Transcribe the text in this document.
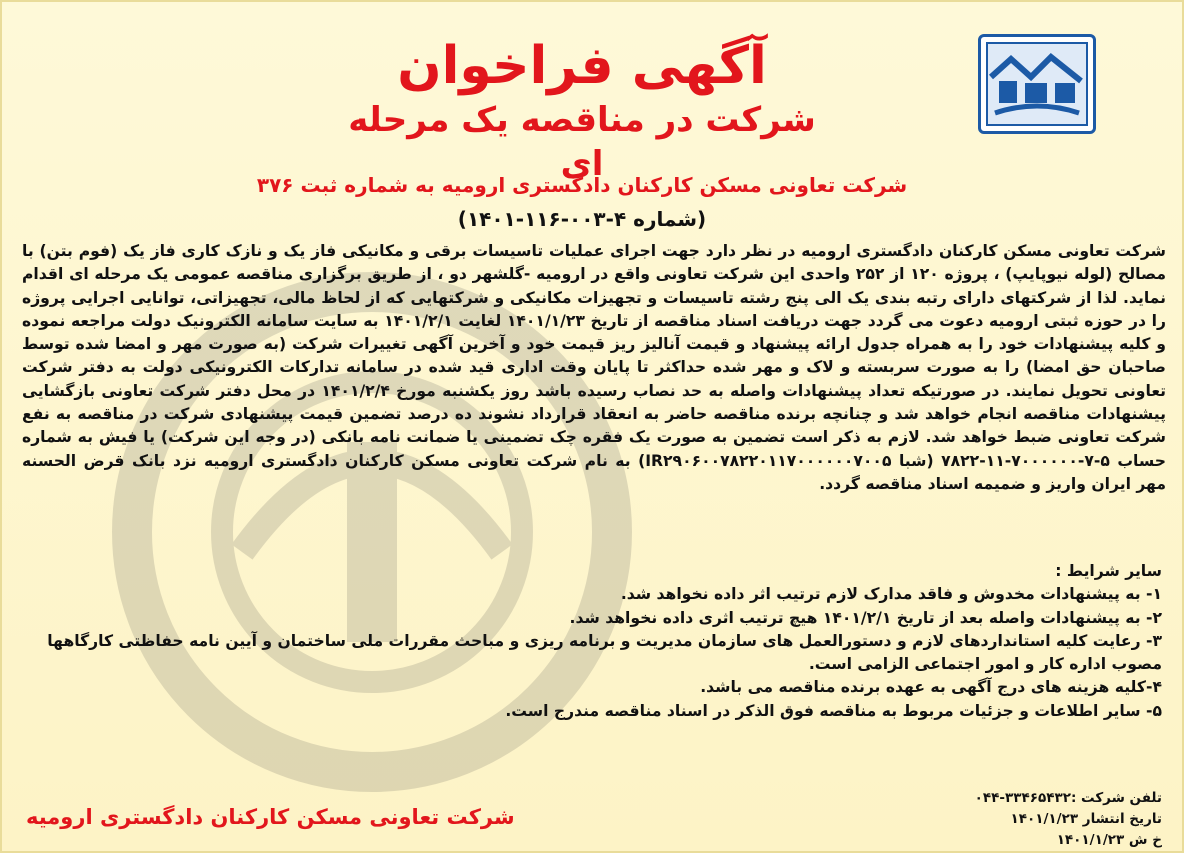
آگهی فراخوان
شرکت در مناقصه یک مرحله ای
شرکت تعاونی مسکن کارکنان دادگستری ارومیه به شماره ثبت ۳۷۶
(شماره ۴-۰۰۳-۱۱۶-۱۴۰۱)

شرکت تعاونی مسکن کارکنان دادگستری ارومیه در نظر دارد جهت اجرای عملیات تاسیسات برقی و مکانیکی فاز یک و نازک کاری فاز یک (فوم بتن) با مصالح (لوله نیوپایپ) ، پروژه ۱۲۰ از ۲۵۲ واحدی این شرکت تعاونی واقع در ارومیه -گلشهر دو ، از طریق برگزاری مناقصه عمومی یک مرحله ای اقدام نماید. لذا از شرکتهای دارای رتبه بندی یک الی پنج رشته تاسیسات و تجهیزات مکانیکی و شرکتهایی که از لحاظ مالی، تجهیزاتی، توانایی اجرایی پروژه را در حوزه ثبتی ارومیه دعوت می گردد جهت دریافت اسناد مناقصه از تاریخ ۱۴۰۱/۱/۲۳ لغایت ۱۴۰۱/۲/۱ به سایت سامانه الکترونیک دولت مراجعه نموده و کلیه پیشنهادات خود را به همراه جدول ارائه پیشنهاد و قیمت آنالیز ریز قیمت خود و آخرین آگهی تغییرات شرکت (به صورت مهر و امضا شده توسط صاحبان حق امضا) را به صورت سربسته و لاک و مهر شده حداکثر تا پایان وقت اداری قید شده در سامانه تدارکات الکترونیکی دولت به دفتر شرکت تعاونی تحویل نمایند. در صورتیکه تعداد پیشنهادات واصله به حد نصاب رسیده باشد روز یکشنبه مورخ ۱۴۰۱/۲/۴ در محل دفتر شرکت تعاونی بازگشایی پیشنهادات مناقصه انجام خواهد شد و چنانچه برنده مناقصه حاضر به انعقاد قرارداد نشوند ده درصد تضمین قیمت پیشنهادی شرکت در مناقصه به نفع شرکت تعاونی ضبط خواهد شد. لازم به ذکر است تضمین به صورت یک فقره چک تضمینی یا ضمانت نامه بانکی (در وجه این شرکت) یا فیش به شماره حساب ۵-۷-۷۰۰۰۰۰۰-۱۱-۷۸۲۲ (شبا IR۲۹۰۶۰۰۷۸۲۲۰۱۱۷۰۰۰۰۰۰۷۰۰۵) به نام شرکت تعاونی مسکن کارکنان دادگستری ارومیه نزد بانک قرض الحسنه مهر ایران واریز و ضمیمه اسناد مناقصه گردد.

سایر شرایط :
۱- به پیشنهادات مخدوش و فاقد مدارک لازم ترتیب اثر داده نخواهد شد.
۲- به پیشنهادات واصله بعد از تاریخ ۱۴۰۱/۲/۱ هیچ ترتیب اثری داده نخواهد شد.
۳- رعایت کلیه استانداردهای لازم و دستورالعمل های سازمان مدیریت و برنامه ریزی و مباحث مقررات ملی ساختمان و آیین نامه حفاظتی کارگاهها مصوب اداره کار و امور اجتماعی الزامی است.
۴-کلیه هزینه های درج آگهی به عهده برنده مناقصه می باشد.
۵- سایر اطلاعات و جزئیات مربوط به مناقصه فوق الذکر در اسناد مناقصه مندرج است.
تلفن شرکت :۳۳۴۶۵۴۳۲-۰۴۴
تاریخ انتشار ۱۴۰۱/۱/۲۳
خ ش ۱۴۰۱/۱/۲۳
شرکت تعاونی مسکن کارکنان دادگستری ارومیه
